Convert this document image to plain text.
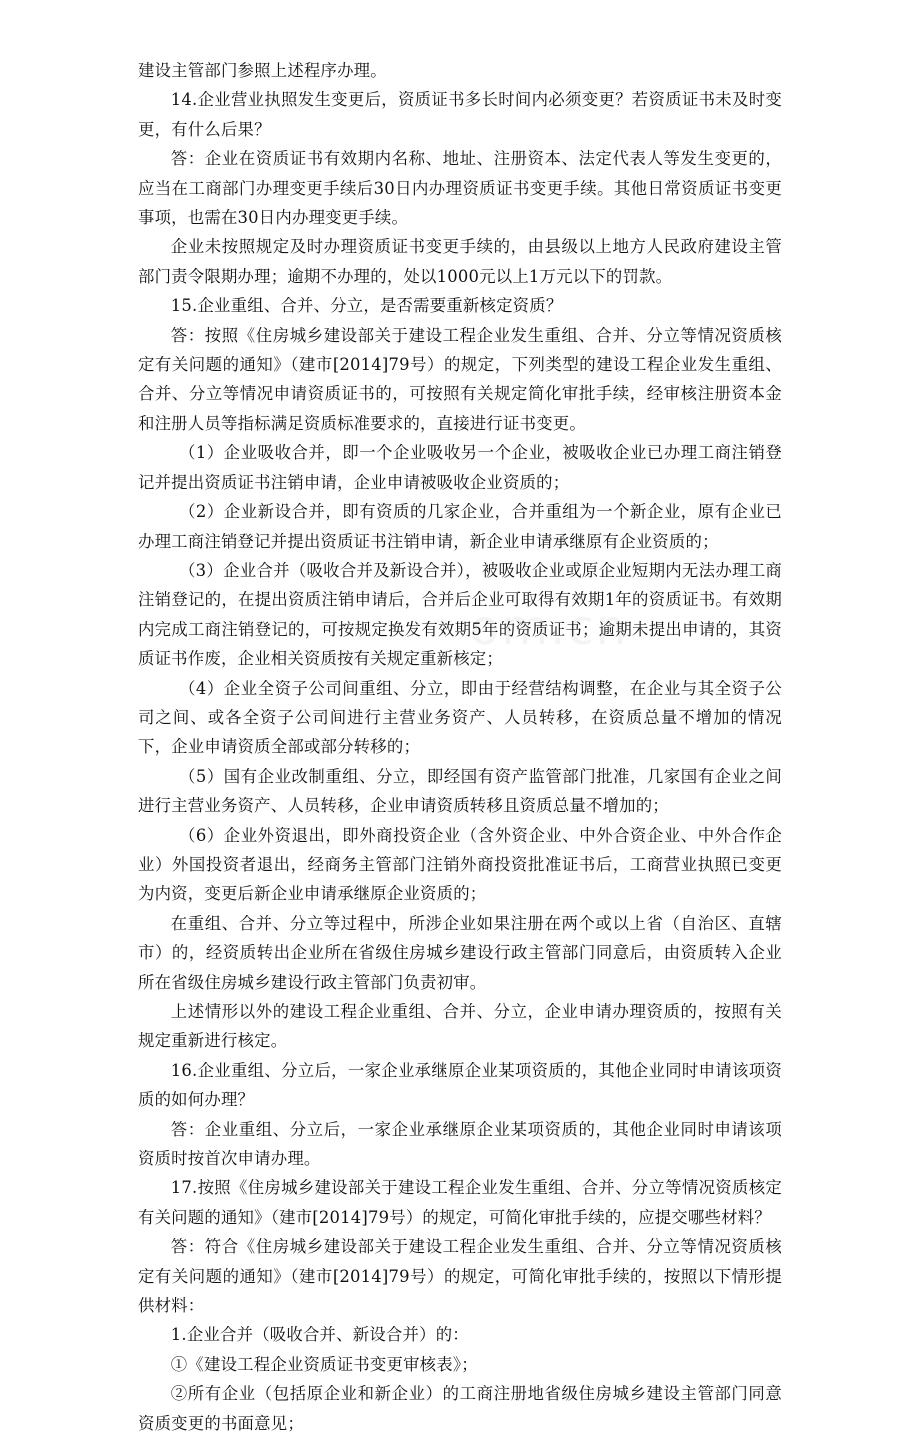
建设主管部门参照上述程序办理。

14.企业营业执照发生变更后，资质证书多长时间内必须变更？若资质证书未及时变更，有什么后果？

答：企业在资质证书有效期内名称、地址、注册资本、法定代表人等发生变更的，应当在工商部门办理变更手续后30日内办理资质证书变更手续。其他日常资质证书变更事项，也需在30日内办理变更手续。

企业未按照规定及时办理资质证书变更手续的，由县级以上地方人民政府建设主管部门责令限期办理；逾期不办理的，处以1000元以上1万元以下的罚款。

15.企业重组、合并、分立，是否需要重新核定资质？

答：按照《住房城乡建设部关于建设工程企业发生重组、合并、分立等情况资质核定有关问题的通知》（建市[2014]79号）的规定，下列类型的建设工程企业发生重组、合并、分立等情况申请资质证书的，可按照有关规定简化审批手续，经审核注册资本金和注册人员等指标满足资质标准要求的，直接进行证书变更。

（1）企业吸收合并，即一个企业吸收另一个企业，被吸收企业已办理工商注销登记并提出资质证书注销申请，企业申请被吸收企业资质的；

（2）企业新设合并，即有资质的几家企业，合并重组为一个新企业，原有企业已办理工商注销登记并提出资质证书注销申请，新企业申请承继原有企业资质的；

（3）企业合并（吸收合并及新设合并），被吸收企业或原企业短期内无法办理工商注销登记的，在提出资质注销申请后，合并后企业可取得有效期1年的资质证书。有效期内完成工商注销登记的，可按规定换发有效期5年的资质证书；逾期未提出申请的，其资质证书作废，企业相关资质按有关规定重新核定；

（4）企业全资子公司间重组、分立，即由于经营结构调整，在企业与其全资子公司之间、或各全资子公司间进行主营业务资产、人员转移，在资质总量不增加的情况下，企业申请资质全部或部分转移的；

（5）国有企业改制重组、分立，即经国有资产监管部门批准，几家国有企业之间进行主营业务资产、人员转移，企业申请资质转移且资质总量不增加的；

（6）企业外资退出，即外商投资企业（含外资企业、中外合资企业、中外合作企业）外国投资者退出，经商务主管部门注销外商投资批准证书后，工商营业执照已变更为内资，变更后新企业申请承继原企业资质的；

在重组、合并、分立等过程中，所涉企业如果注册在两个或以上省（自治区、直辖市）的，经资质转出企业所在省级住房城乡建设行政主管部门同意后，由资质转入企业所在省级住房城乡建设行政主管部门负责初审。

上述情形以外的建设工程企业重组、合并、分立，企业申请办理资质的，按照有关规定重新进行核定。

16.企业重组、分立后，一家企业承继原企业某项资质的，其他企业同时申请该项资质的如何办理？

答：企业重组、分立后，一家企业承继原企业某项资质的，其他企业同时申请该项资质时按首次申请办理。

17.按照《住房城乡建设部关于建设工程企业发生重组、合并、分立等情况资质核定有关问题的通知》（建市[2014]79号）的规定，可简化审批手续的，应提交哪些材料？

答：符合《住房城乡建设部关于建设工程企业发生重组、合并、分立等情况资质核定有关问题的通知》（建市[2014]79号）的规定，可简化审批手续的，按照以下情形提供材料：

1.企业合并（吸收合并、新设合并）的：

①《建设工程企业资质证书变更审核表》；

②所有企业（包括原企业和新企业）的工商注册地省级住房城乡建设主管部门同意资质变更的书面意见；
